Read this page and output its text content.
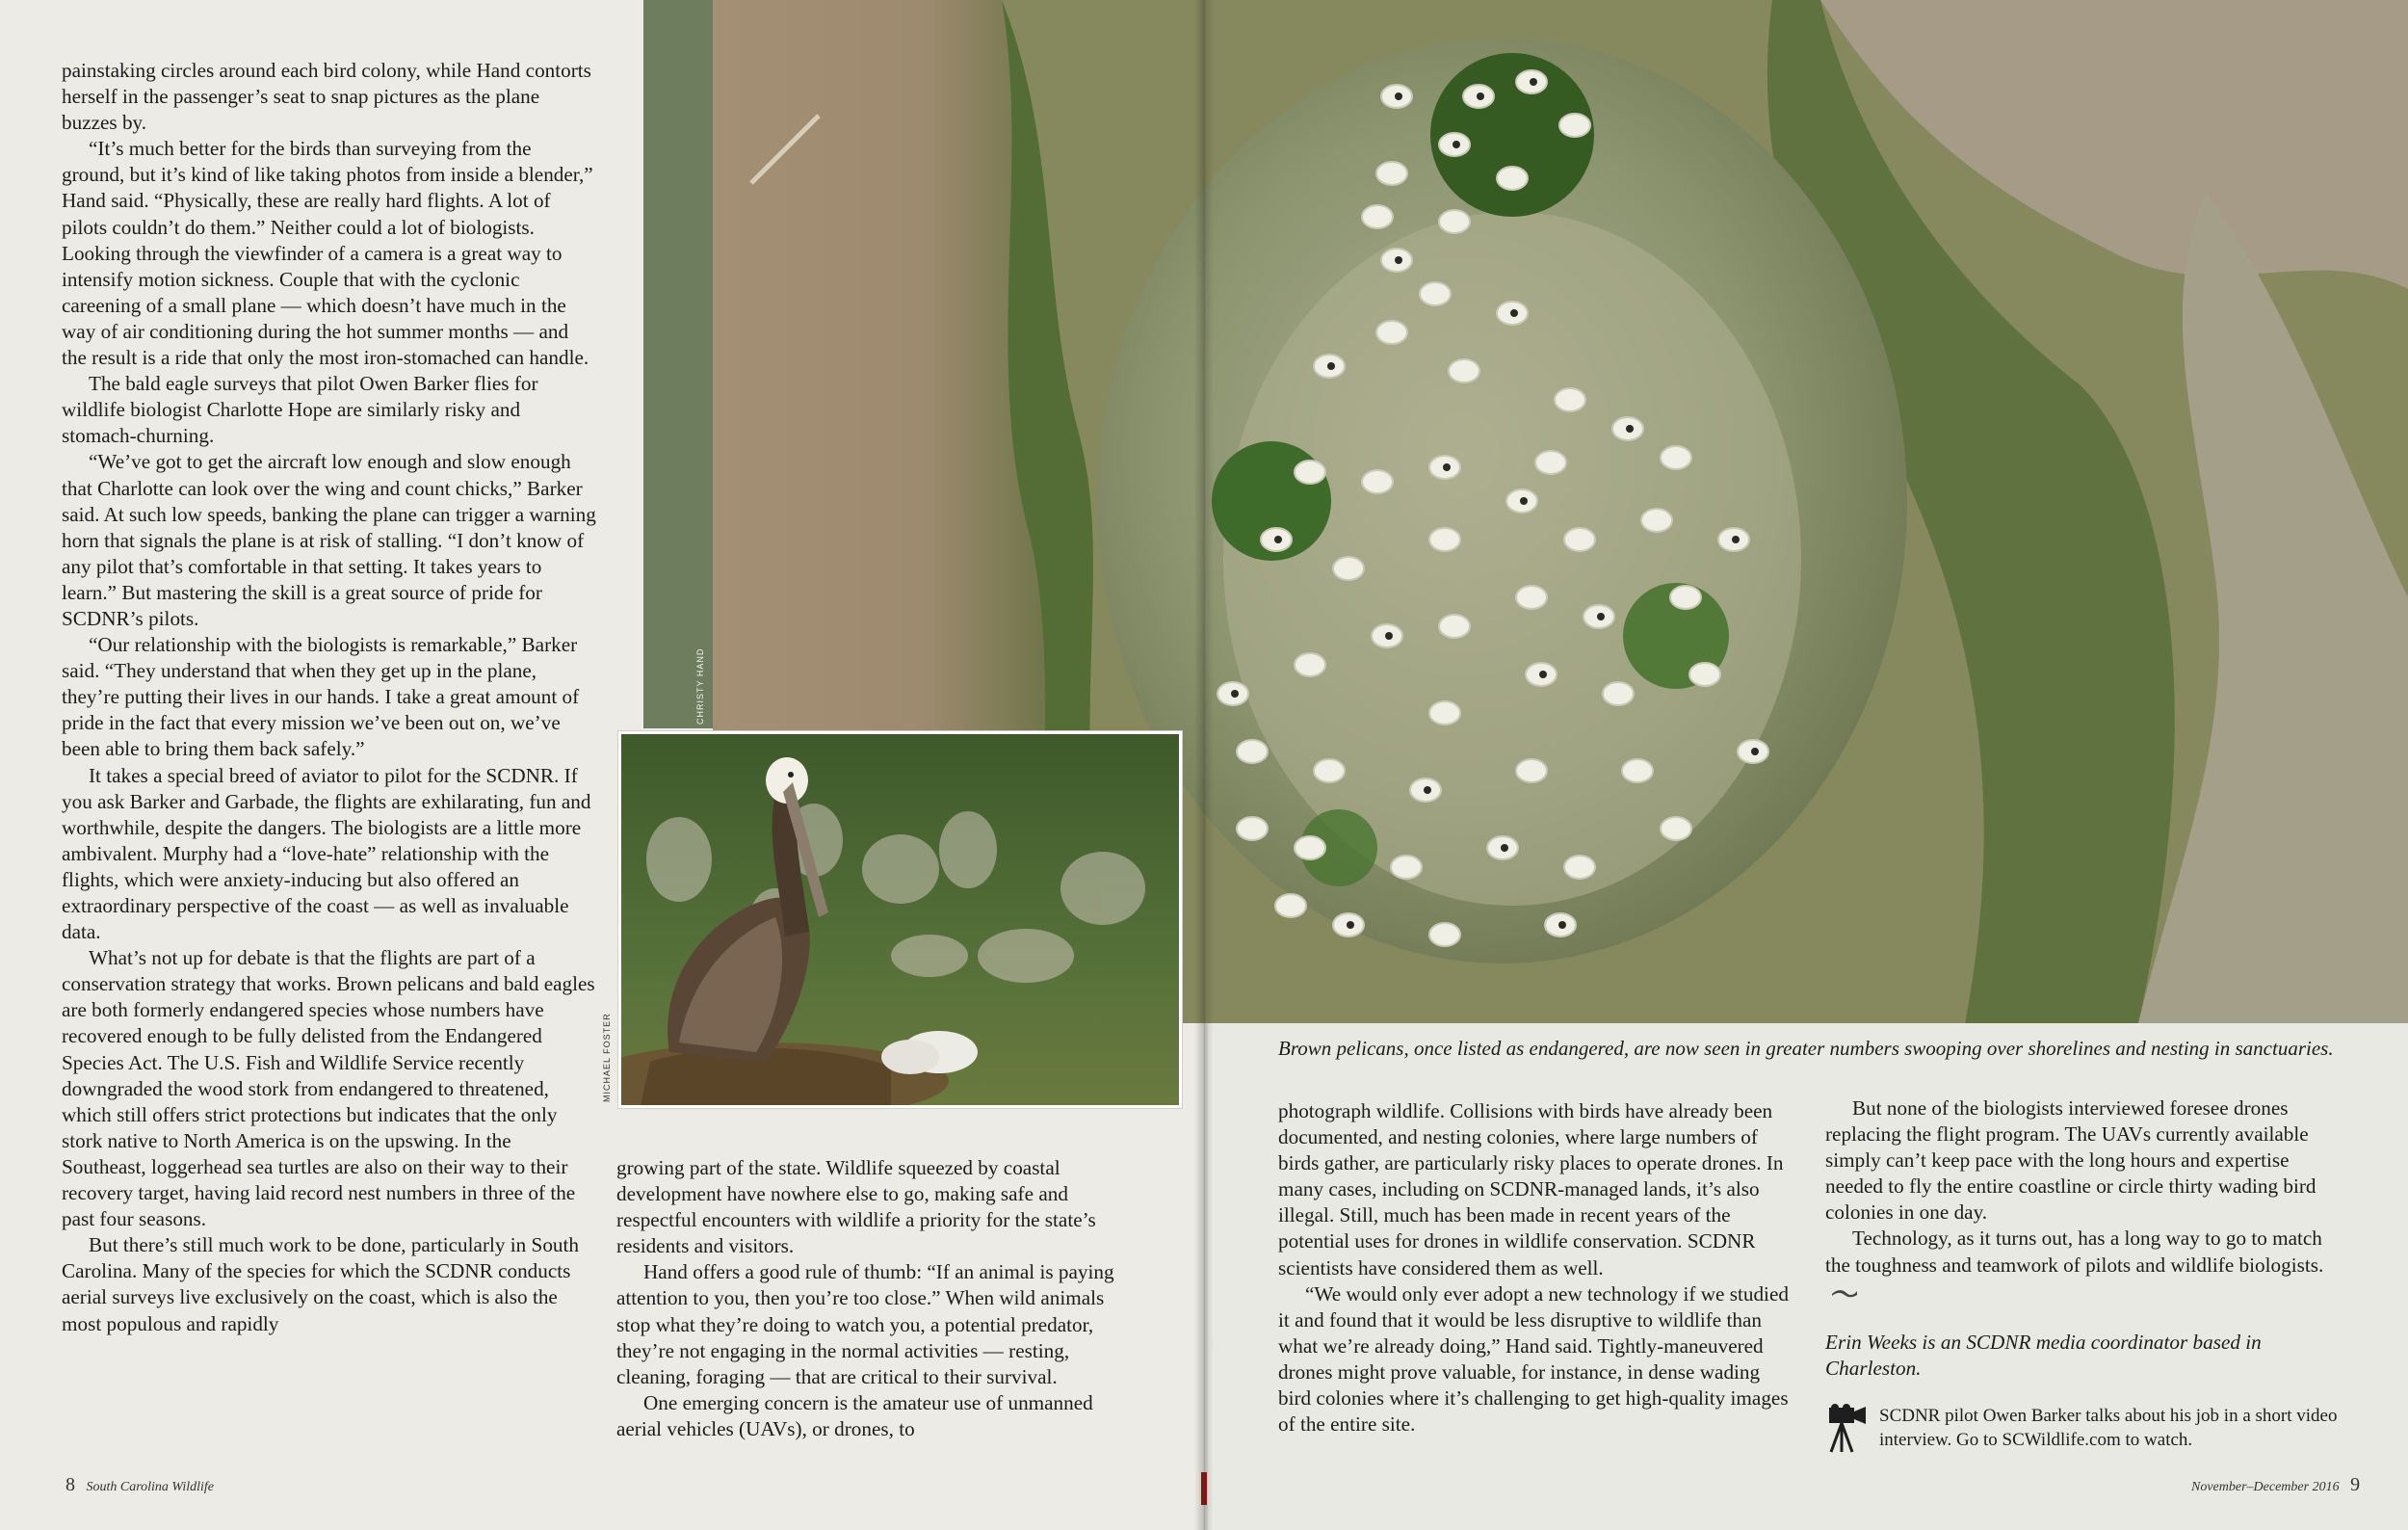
CHRISTY HAND
MICHAEL FOSTER

painstaking circles around each bird colony, while Hand contorts herself in the passenger’s seat to snap pictures as the plane buzzes by.

“It’s much better for the birds than surveying from the ground, but it’s kind of like taking photos from inside a blender,” Hand said. “Physically, these are really hard flights. A lot of pilots couldn’t do them.” Neither could a lot of biologists. Looking through the viewfinder of a camera is a great way to intensify motion sickness. Couple that with the cyclonic careening of a small plane — which doesn’t have much in the way of air conditioning during the hot summer months — and the result is a ride that only the most iron-stomached can handle.

The bald eagle surveys that pilot Owen Barker flies for wildlife biologist Charlotte Hope are similarly risky and stomach-churning.

“We’ve got to get the aircraft low enough and slow enough that Charlotte can look over the wing and count chicks,” Barker said. At such low speeds, banking the plane can trigger a warning horn that signals the plane is at risk of stalling. “I don’t know of any pilot that’s comfortable in that setting. It takes years to learn.” But mastering the skill is a great source of pride for SCDNR’s pilots.

“Our relationship with the biologists is remarkable,” Barker said. “They understand that when they get up in the plane, they’re putting their lives in our hands. I take a great amount of pride in the fact that every mission we’ve been out on, we’ve been able to bring them back safely.”

It takes a special breed of aviator to pilot for the SCDNR. If you ask Barker and Garbade, the flights are exhilarating, fun and worthwhile, despite the dangers. The biologists are a little more ambivalent. Murphy had a “love-hate” relationship with the flights, which were anxiety-inducing but also offered an extraordinary perspective of the coast — as well as invaluable data.

What’s not up for debate is that the flights are part of a conservation strategy that works. Brown pelicans and bald eagles are both formerly endangered species whose numbers have recovered enough to be fully delisted from the Endangered Species Act. The U.S. Fish and Wildlife Service recently downgraded the wood stork from endangered to threatened, which still offers strict protections but indicates that the only stork native to North America is on the upswing. In the Southeast, loggerhead sea turtles are also on their way to their recovery target, having laid record nest numbers in three of the past four seasons.

But there’s still much work to be done, particularly in South Carolina. Many of the species for which the SCDNR conducts aerial surveys live exclusively on the coast, which is also the most populous and rapidly

growing part of the state. Wildlife squeezed by coastal development have nowhere else to go, making safe and respectful encounters with wildlife a priority for the state’s residents and visitors.

Hand offers a good rule of thumb: “If an animal is paying attention to you, then you’re too close.” When wild animals stop what they’re doing to watch you, a potential predator, they’re not engaging in the normal activities — resting, cleaning, foraging — that are critical to their survival.

One emerging concern is the amateur use of unmanned aerial vehicles (UAVs), or drones, to

Brown pelicans, once listed as endangered, are now seen in greater numbers swooping over shorelines and nesting in sanctuaries.

photograph wildlife. Collisions with birds have already been documented, and nesting colonies, where large numbers of birds gather, are particularly risky places to operate drones. In many cases, including on SCDNR-managed lands, it’s also illegal. Still, much has been made in recent years of the potential uses for drones in wildlife conservation. SCDNR scientists have considered them as well.

“We would only ever adopt a new technology if we studied it and found that it would be less disruptive to wildlife than what we’re already doing,” Hand said. Tightly-maneuvered drones might prove valuable, for instance, in dense wading bird colonies where it’s challenging to get high-quality images of the entire site.

But none of the biologists interviewed foresee drones replacing the flight program. The UAVs currently available simply can’t keep pace with the long hours and expertise needed to fly the entire coastline or circle thirty wading bird colonies in one day.

Technology, as it turns out, has a long way to go to match the toughness and teamwork of pilots and wildlife biologists.

Erin Weeks is an SCDNR media coordinator based in Charleston.

SCDNR pilot Owen Barker talks about his job in a short video interview. Go to SCWildlife.com to watch.
8 South Carolina Wildlife	November–December 2016 9
